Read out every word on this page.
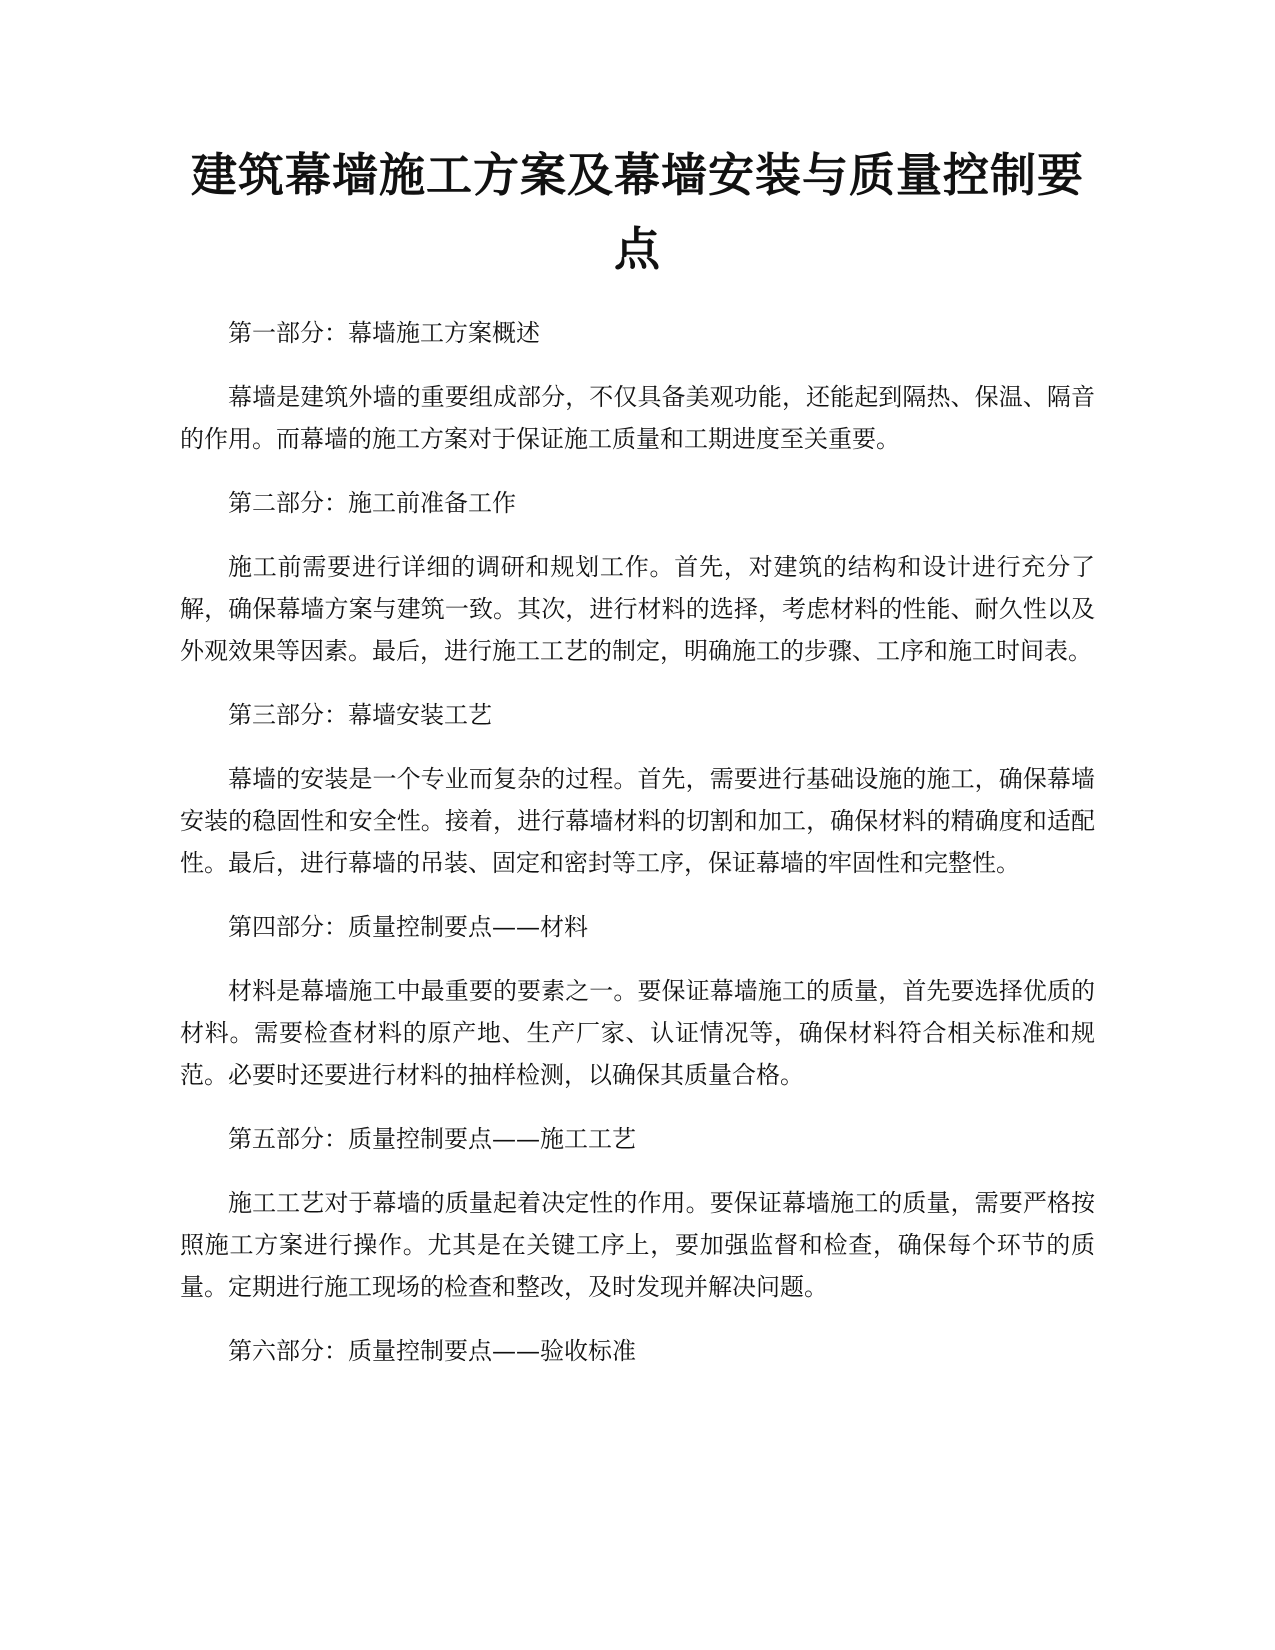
建筑幕墙施工方案及幕墙安装与质量控制要
点

第一部分：幕墙施工方案概述

幕墙是建筑外墙的重要组成部分，不仅具备美观功能，还能起到隔热、保温、隔音的作用。而幕墙的施工方案对于保证施工质量和工期进度至关重要。

第二部分：施工前准备工作

施工前需要进行详细的调研和规划工作。首先，对建筑的结构和设计进行充分了解，确保幕墙方案与建筑一致。其次，进行材料的选择，考虑材料的性能、耐久性以及外观效果等因素。最后，进行施工工艺的制定，明确施工的步骤、工序和施工时间表。

第三部分：幕墙安装工艺

幕墙的安装是一个专业而复杂的过程。首先，需要进行基础设施的施工，确保幕墙安装的稳固性和安全性。接着，进行幕墙材料的切割和加工，确保材料的精确度和适配性。最后，进行幕墙的吊装、固定和密封等工序，保证幕墙的牢固性和完整性。

第四部分：质量控制要点——材料

材料是幕墙施工中最重要的要素之一。要保证幕墙施工的质量，首先要选择优质的材料。需要检查材料的原产地、生产厂家、认证情况等，确保材料符合相关标准和规范。必要时还要进行材料的抽样检测，以确保其质量合格。

第五部分：质量控制要点——施工工艺

施工工艺对于幕墙的质量起着决定性的作用。要保证幕墙施工的质量，需要严格按照施工方案进行操作。尤其是在关键工序上，要加强监督和检查，确保每个环节的质量。定期进行施工现场的检查和整改，及时发现并解决问题。

第六部分：质量控制要点——验收标准
